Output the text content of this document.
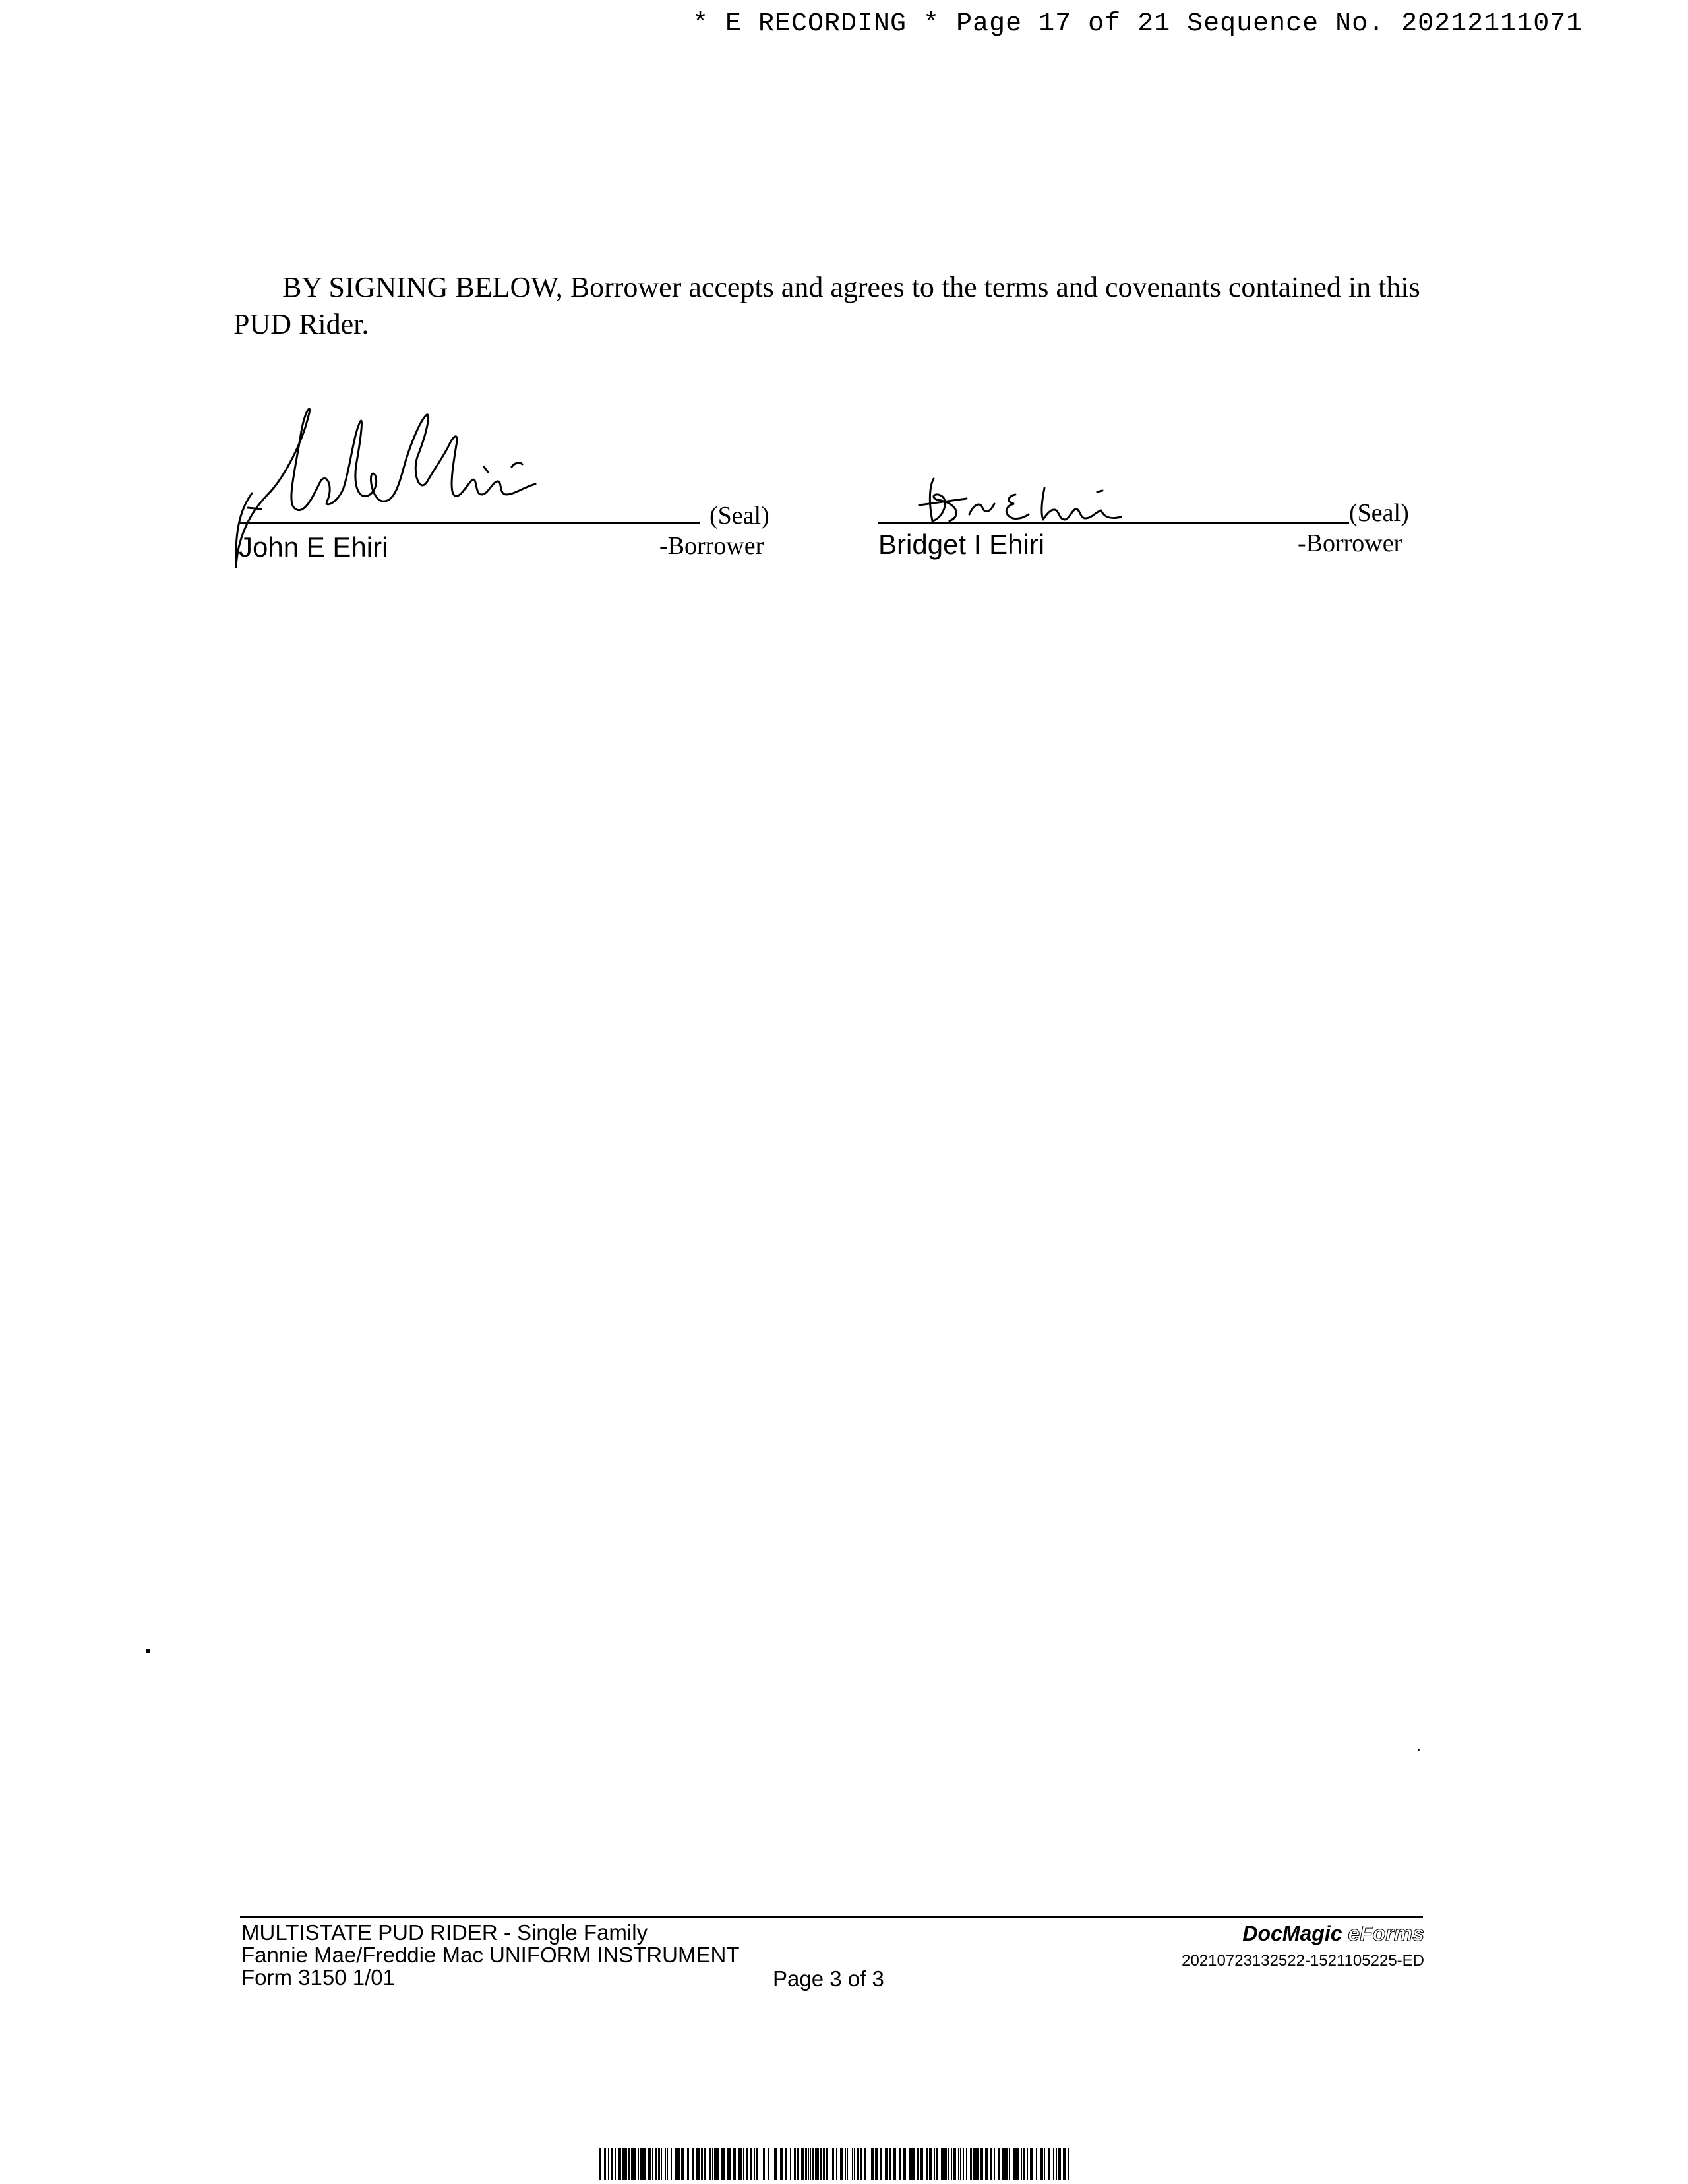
* E RECORDING * Page 17 of 21 Sequence No. 20212111071
BY SIGNING BELOW, Borrower accepts and agrees to the terms and covenants contained in this PUD Rider.
(Seal)
-Borrower
John E Ehiri
(Seal)
-Borrower
Bridget I Ehiri
MULTISTATE PUD RIDER - Single Family
Fannie Mae/Freddie Mac UNIFORM INSTRUMENT
Form 3150 1/01	Page 3 of 3
DocMagic eForms
20210723132522-1521105225-ED
